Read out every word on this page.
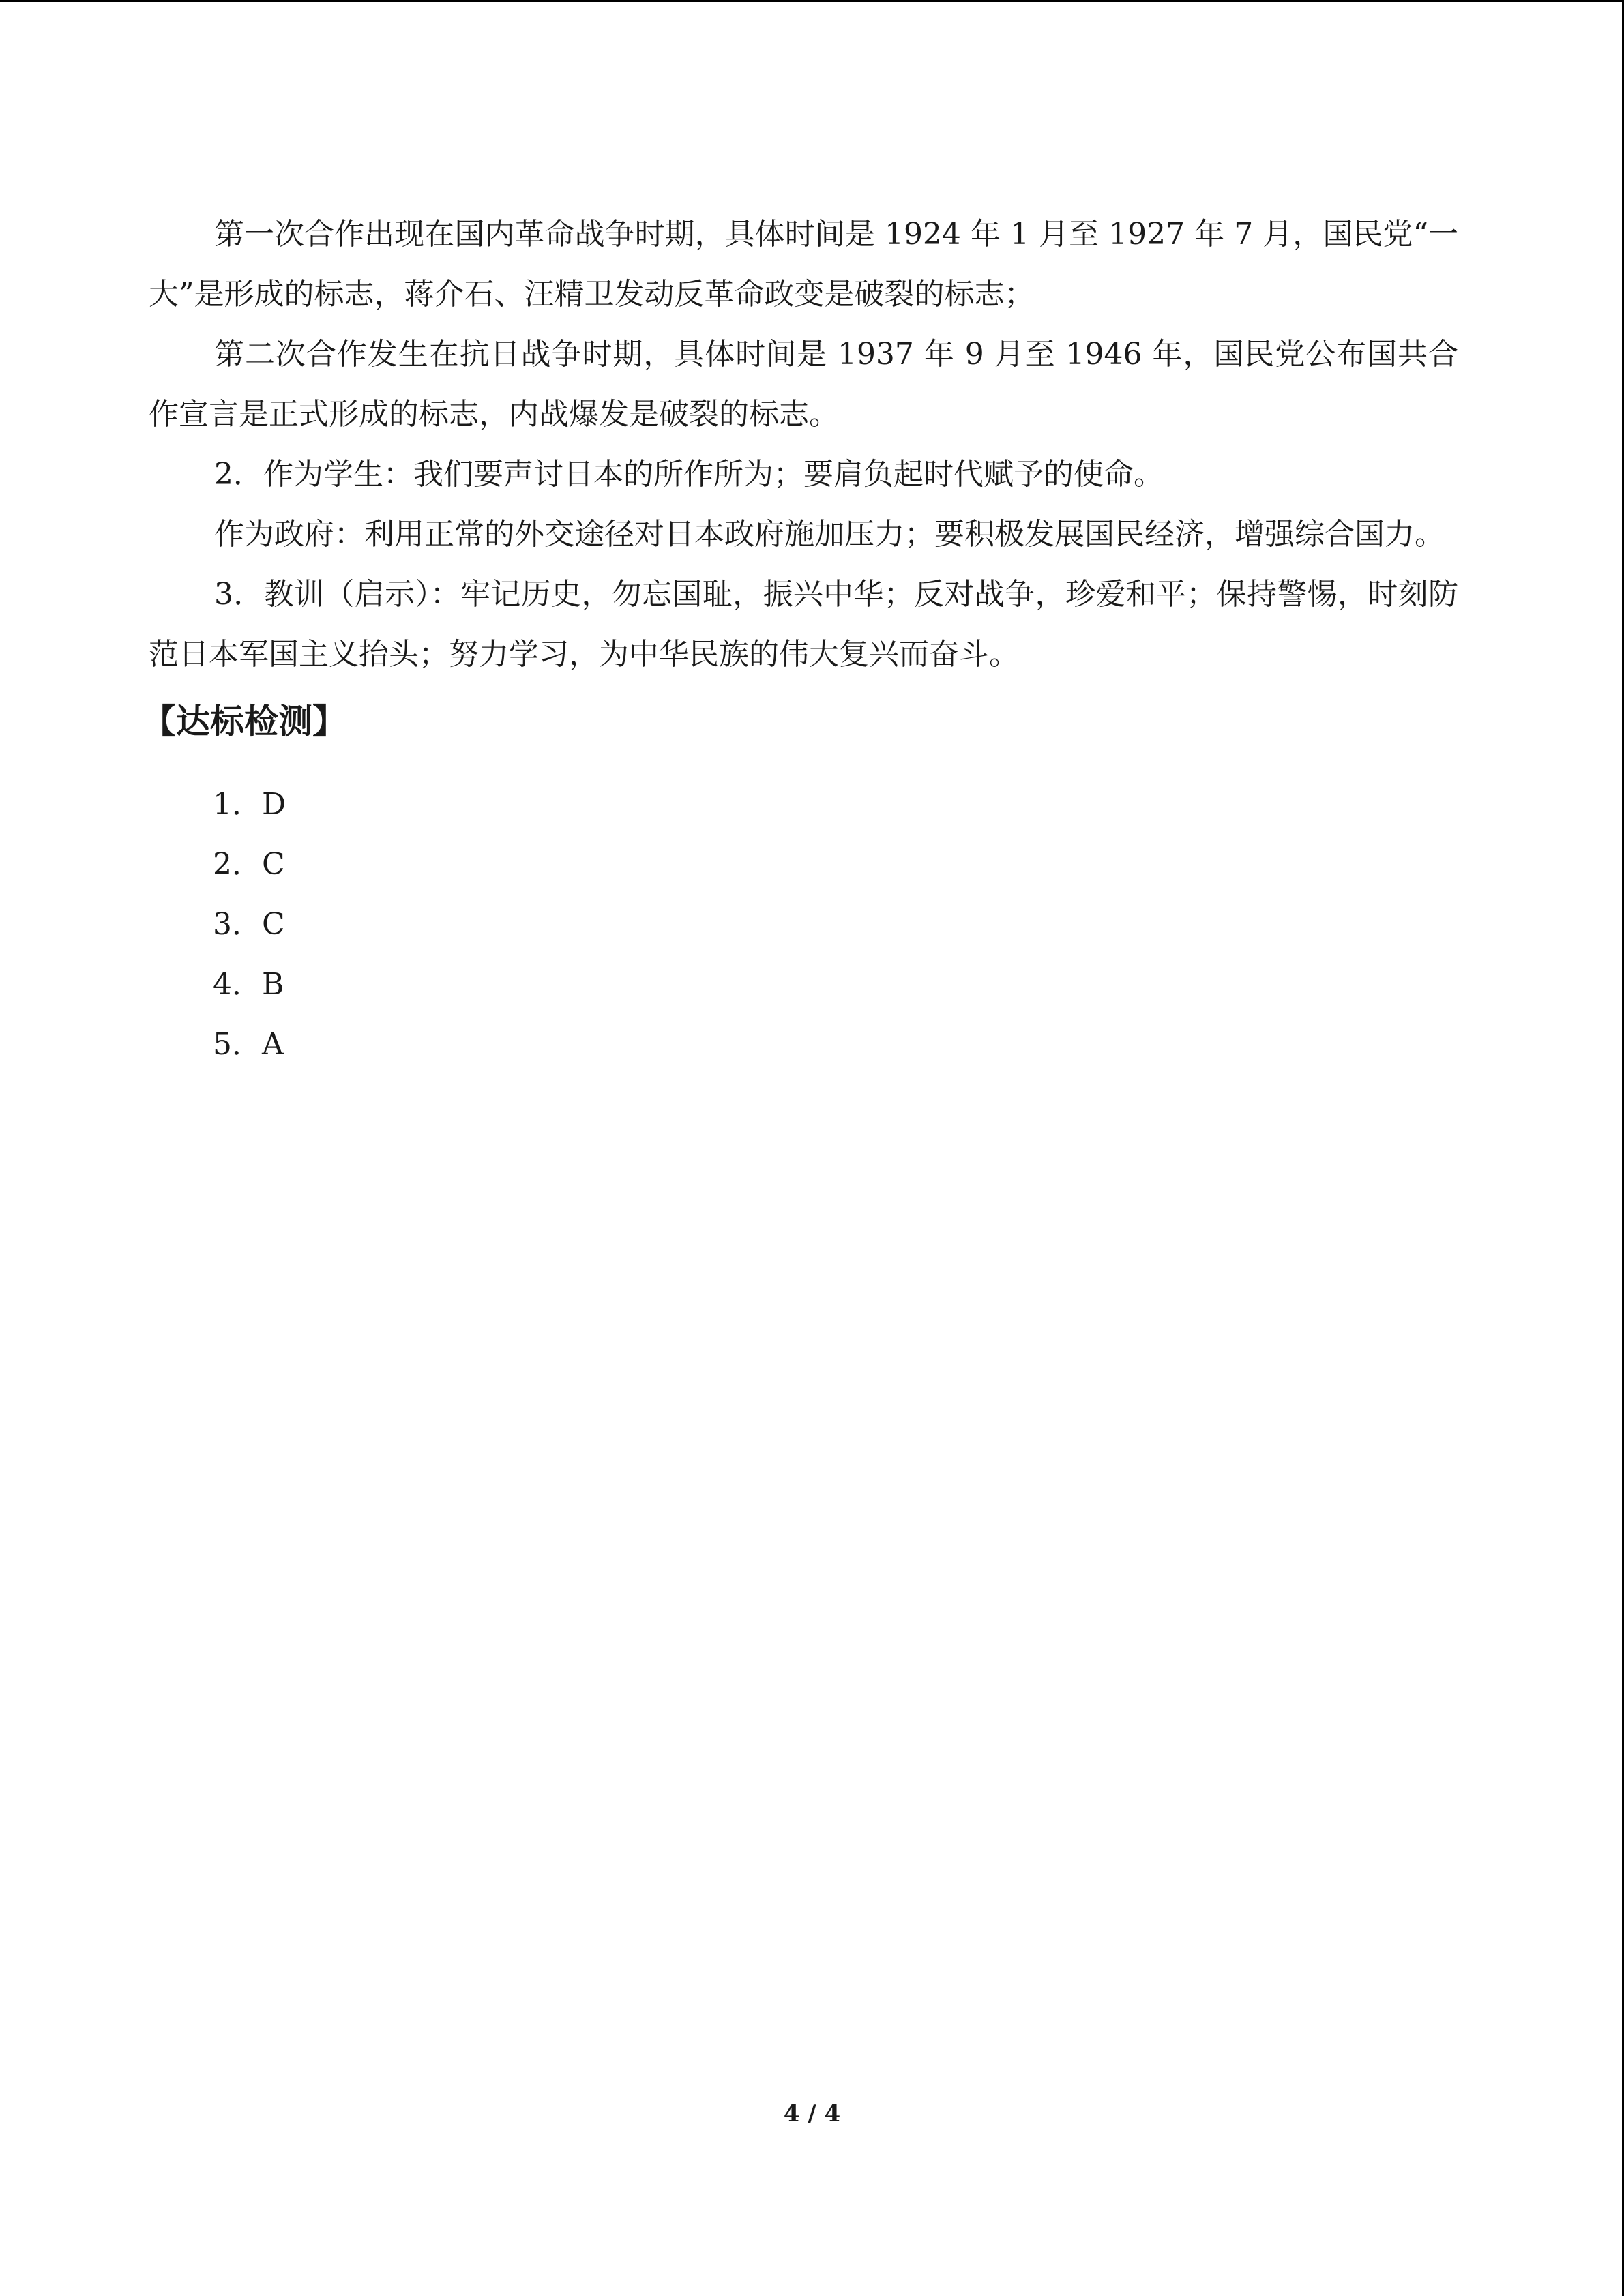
第一次合作出现在国内革命战争时期，具体时间是 1924 年 1 月至 1927 年 7 月，国民党“一大”是形成的标志，蒋介石、汪精卫发动反革命政变是破裂的标志；

第二次合作发生在抗日战争时期，具体时间是 1937 年 9 月至 1946 年，国民党公布国共合作宣言是正式形成的标志，内战爆发是破裂的标志。

2．作为学生：我们要声讨日本的所作所为；要肩负起时代赋予的使命。

作为政府：利用正常的外交途径对日本政府施加压力；要积极发展国民经济，增强综合国力。

3．教训（启示）：牢记历史，勿忘国耻，振兴中华；反对战争，珍爱和平；保持警惕，时刻防范日本军国主义抬头；努力学习，为中华民族的伟大复兴而奋斗。

【达标检测】
1．D
2．C
3．C
4．B
5．A
4 / 4
